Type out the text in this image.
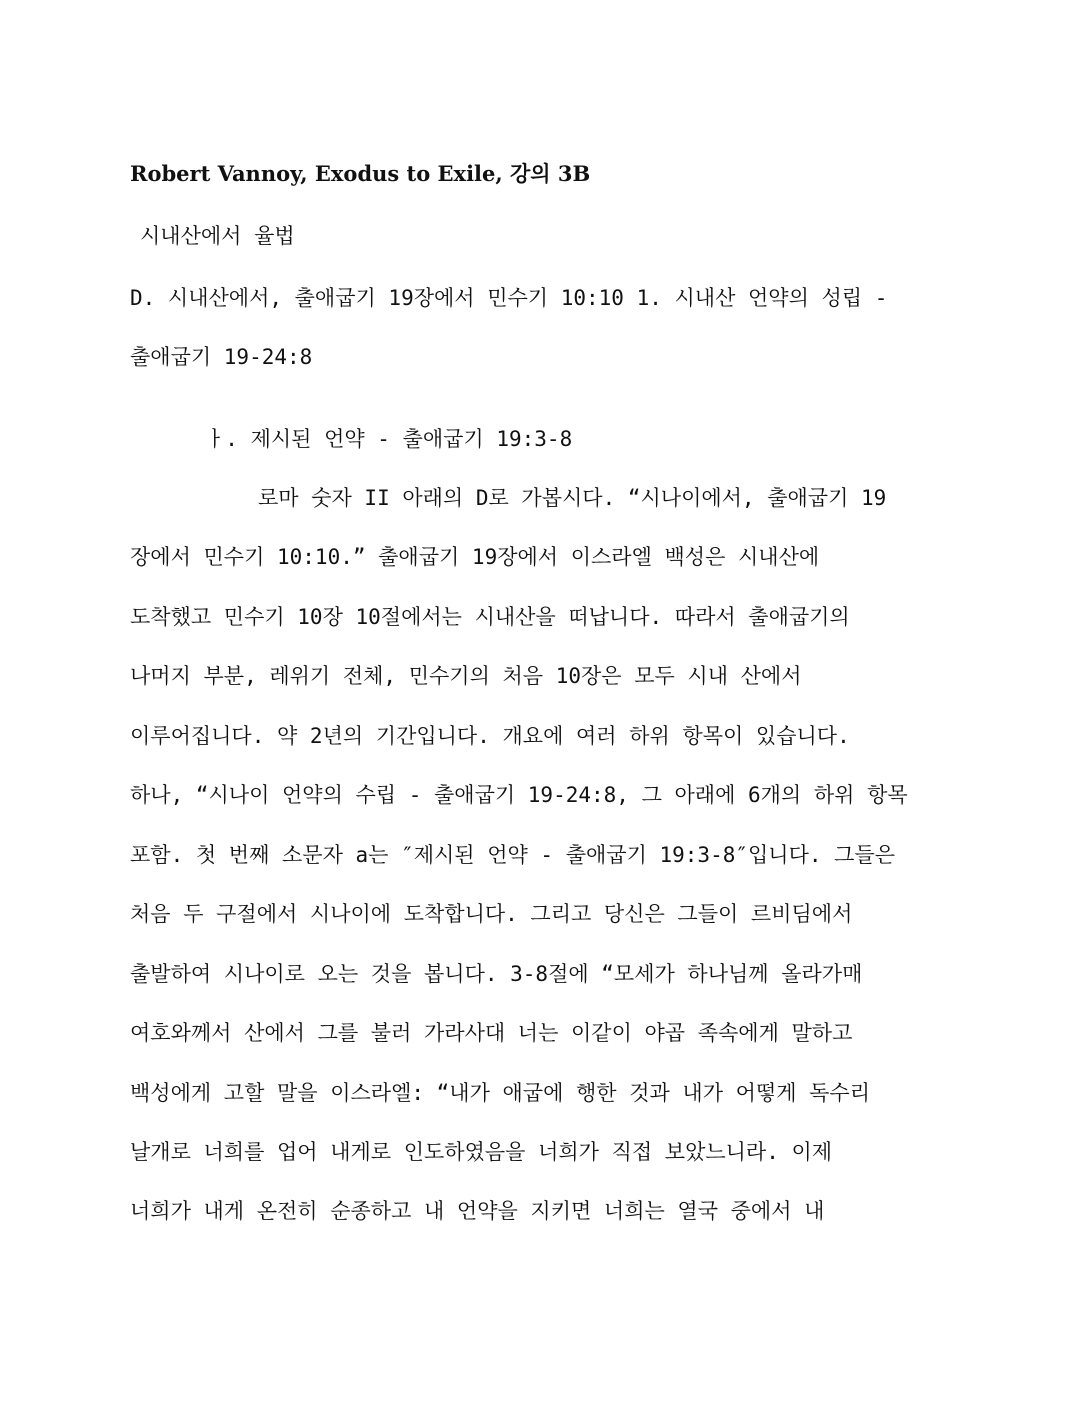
Robert Vannoy, Exodus to Exile, 강의 3B
시내산에서 율법
D. 시내산에서, 출애굽기 19장에서 민수기 10:10 1. 시내산 언약의 성립 -
출애굽기 19-24:8
ㅏ. 제시된 언약 - 출애굽기 19:3-8
로마 숫자 II 아래의 D로 가봅시다. “시나이에서, 출애굽기 19
장에서 민수기 10:10.” 출애굽기 19장에서 이스라엘 백성은 시내산에
도착했고 민수기 10장 10절에서는 시내산을 떠납니다. 따라서 출애굽기의
나머지 부분, 레위기 전체, 민수기의 처음 10장은 모두 시내 산에서
이루어집니다. 약 2년의 기간입니다. 개요에 여러 하위 항목이 있습니다.
하나, “시나이 언약의 수립 - 출애굽기 19-24:8, 그 아래에 6개의 하위 항목
포함. 첫 번째 소문자 a는 ″제시된 언약 - 출애굽기 19:3-8″입니다. 그들은
처음 두 구절에서 시나이에 도착합니다. 그리고 당신은 그들이 르비딤에서
출발하여 시나이로 오는 것을 봅니다. 3-8절에 “모세가 하나님께 올라가매
여호와께서 산에서 그를 불러 가라사대 너는 이같이 야곱 족속에게 말하고
백성에게 고할 말을 이스라엘: “내가 애굽에 행한 것과 내가 어떻게 독수리
날개로 너희를 업어 내게로 인도하였음을 너희가 직접 보았느니라. 이제
너희가 내게 온전히 순종하고 내 언약을 지키면 너희는 열국 중에서 내
